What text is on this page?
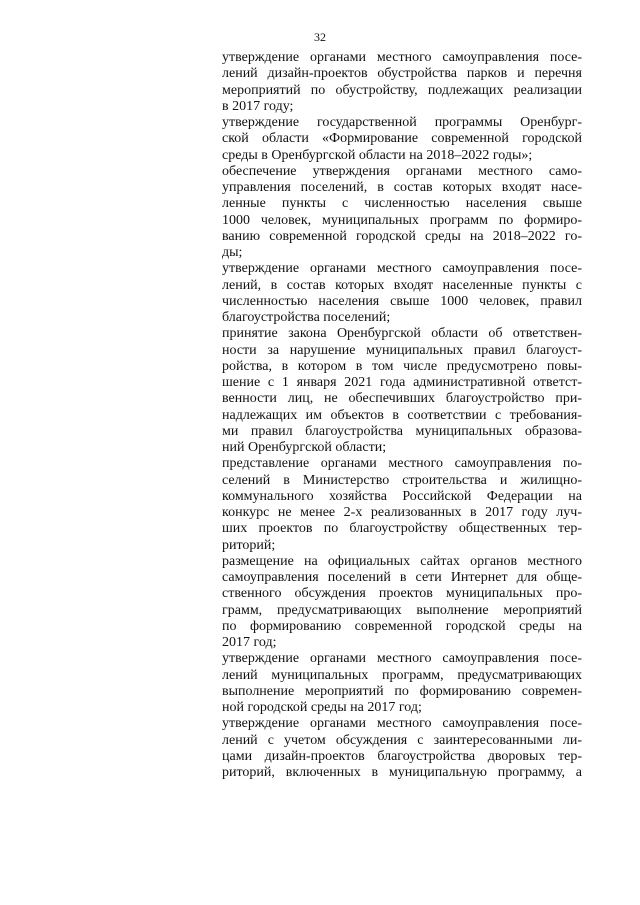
32

утверждение органами местного самоуправления посе-
лений дизайн-проектов обустройства парков и перечня
мероприятий по обустройству, подлежащих реализации
в 2017 году;

утверждение государственной программы Оренбург-
ской области «Формирование современной городской
среды в Оренбургской области на 2018–2022 годы»;

обеспечение утверждения органами местного само-
управления поселений, в состав которых входят насе-
ленные пункты с численностью населения свыше
1000 человек, муниципальных программ по формиро-
ванию современной городской среды на 2018–2022 го-
ды;

утверждение органами местного самоуправления посе-
лений, в состав которых входят населенные пункты с
численностью населения свыше 1000 человек, правил
благоустройства поселений;

принятие закона Оренбургской области об ответствен-
ности за нарушение муниципальных правил благоуст-
ройства, в котором в том числе предусмотрено повы-
шение с 1 января 2021 года административной ответст-
венности лиц, не обеспечивших благоустройство при-
надлежащих им объектов в соответствии с требования-
ми правил благоустройства муниципальных образова-
ний Оренбургской области;

представление органами местного самоуправления по-
селений в Министерство строительства и жилищно-
коммунального хозяйства Российской Федерации на
конкурс не менее 2-х реализованных в 2017 году луч-
ших проектов по благоустройству общественных тер-
риторий;

размещение на официальных сайтах органов местного
самоуправления поселений в сети Интернет для обще-
ственного обсуждения проектов муниципальных про-
грамм, предусматривающих выполнение мероприятий
по формированию современной городской среды на
2017 год;

утверждение органами местного самоуправления посе-
лений муниципальных программ, предусматривающих
выполнение мероприятий по формированию современ-
ной городской среды на 2017 год;

утверждение органами местного самоуправления посе-
лений с учетом обсуждения с заинтересованными ли-
цами дизайн-проектов благоустройства дворовых тер-
риторий, включенных в муниципальную программу, а
